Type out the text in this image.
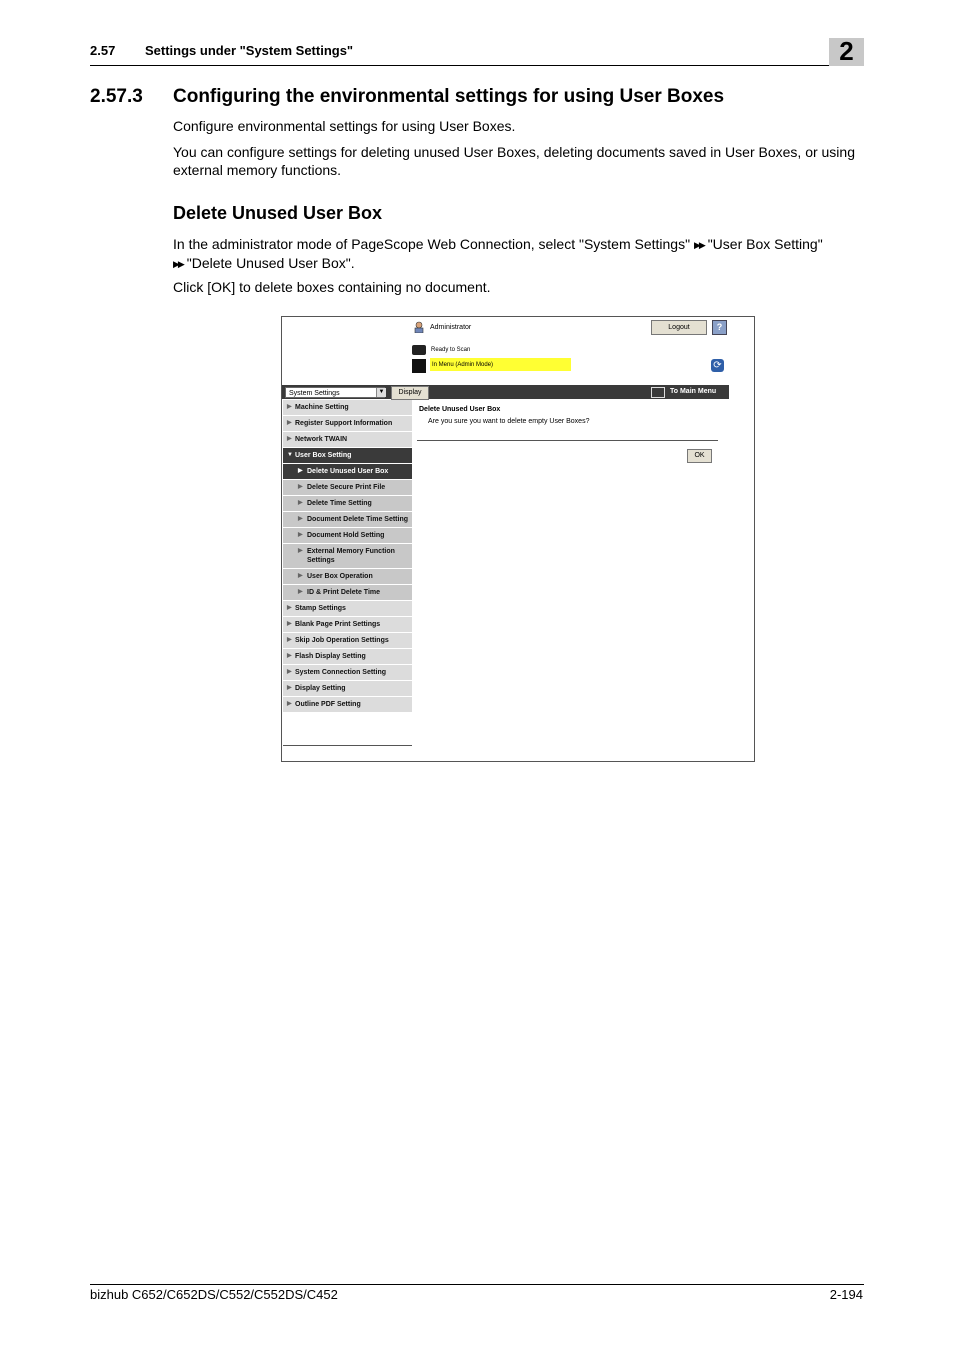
2.57 Settings under "System Settings"	2
2.57.3 Configuring the environmental settings for using User Boxes
Configure environmental settings for using User Boxes.
You can configure settings for deleting unused User Boxes, deleting documents saved in User Boxes, or using external memory functions.
Delete Unused User Box
In the administrator mode of PageScope Web Connection, select "System Settings" ▶▶ "User Box Setting"
▶▶ "Delete Unused User Box".
Click [OK] to delete boxes containing no document.
Administrator	Logout	?
Ready to Scan
In Menu (Admin Mode)	⟳
System Settings	▼	Display	To Main Menu
▶ Machine Setting
▶ Register Support Information
▶ Network TWAIN
▼ User Box Setting
▶ Delete Unused User Box
▶ Delete Secure Print File
▶ Delete Time Setting
▶ Document Delete Time Setting
▶ Document Hold Setting
▶ External Memory Function Settings
▶ User Box Operation
▶ ID & Print Delete Time
▶ Stamp Settings
▶ Blank Page Print Settings
▶ Skip Job Operation Settings
▶ Flash Display Setting
▶ System Connection Setting
▶ Display Setting
▶ Outline PDF Setting
Delete Unused User Box
Are you sure you want to delete empty User Boxes?
OK
bizhub C652/C652DS/C552/C552DS/C452	2-194
